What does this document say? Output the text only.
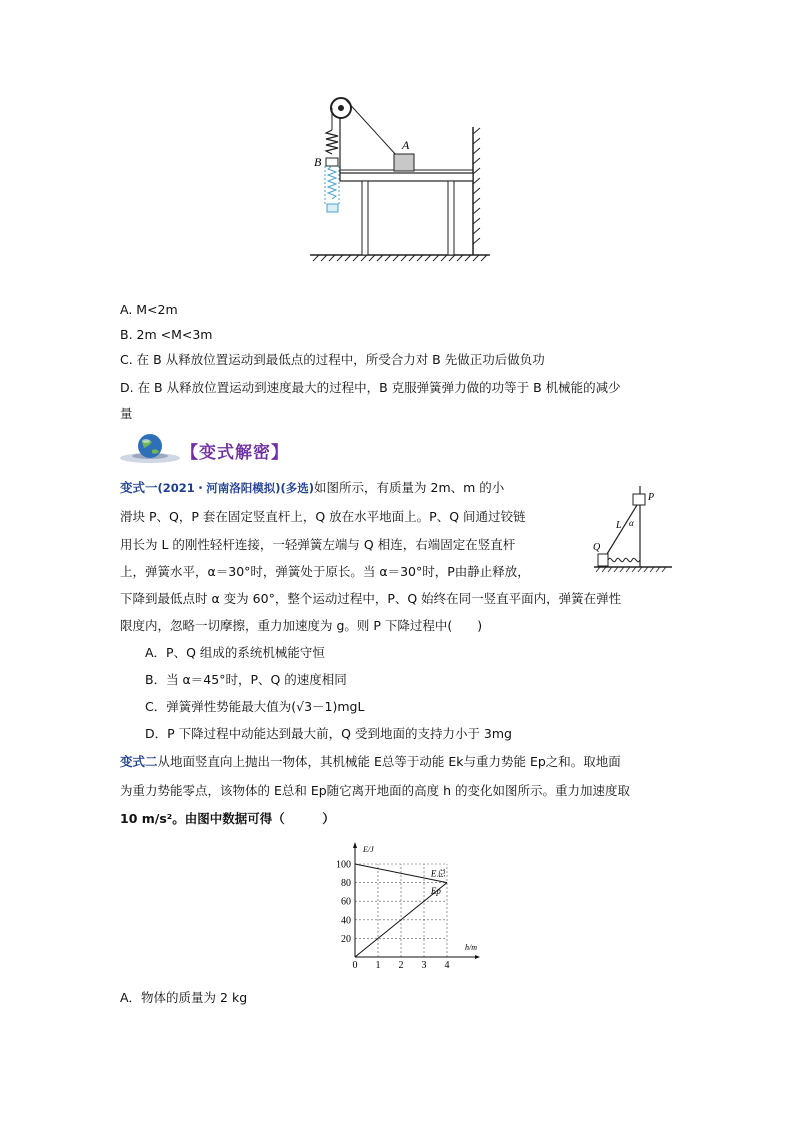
A
B
A. M<2m
B. 2m <M<3m
C. 在 B 从释放位置运动到最低点的过程中，所受合力对 B 先做正功后做负功
D. 在 B 从释放位置运动到速度最大的过程中，B 克服弹簧弹力做的功等于 B 机械能的减少
量
【变式解密】
变式一(2021・河南洛阳模拟)(多选)如图所示，有质量为 2m、m 的小
滑块 P、Q，P 套在固定竖直杆上，Q 放在水平地面上。P、Q 间通过铰链
用长为 L 的刚性轻杆连接，一轻弹簧左端与 Q 相连，右端固定在竖直杆
上，弹簧水平，α＝30°时，弹簧处于原长。当 α＝30°时，P由静止释放，
下降到最低点时 α 变为 60°，整个运动过程中，P、Q 始终在同一竖直平面内，弹簧在弹性
限度内，忽略一切摩擦，重力加速度为 g。则 P 下降过程中(　　)
P
L α
Q
A．P、Q 组成的系统机械能守恒
B．当 α＝45°时，P、Q 的速度相同
C．弹簧弹性势能最大值为(√3－1)mgL
D．P 下降过程中动能达到最大前，Q 受到地面的支持力小于 3mg
变式二从地面竖直向上抛出一物体，其机械能 E总等于动能 Ek与重力势能 Ep之和。取地面
为重力势能零点，该物体的 E总和 Ep随它离开地面的高度 h 的变化如图所示。重力加速度取
10 m/s²。由图中数据可得（　　　）
0 1 2 3 4
20
40
60
80
100
E总
Ep
E/J
h/m
A．物体的质量为 2 kg
